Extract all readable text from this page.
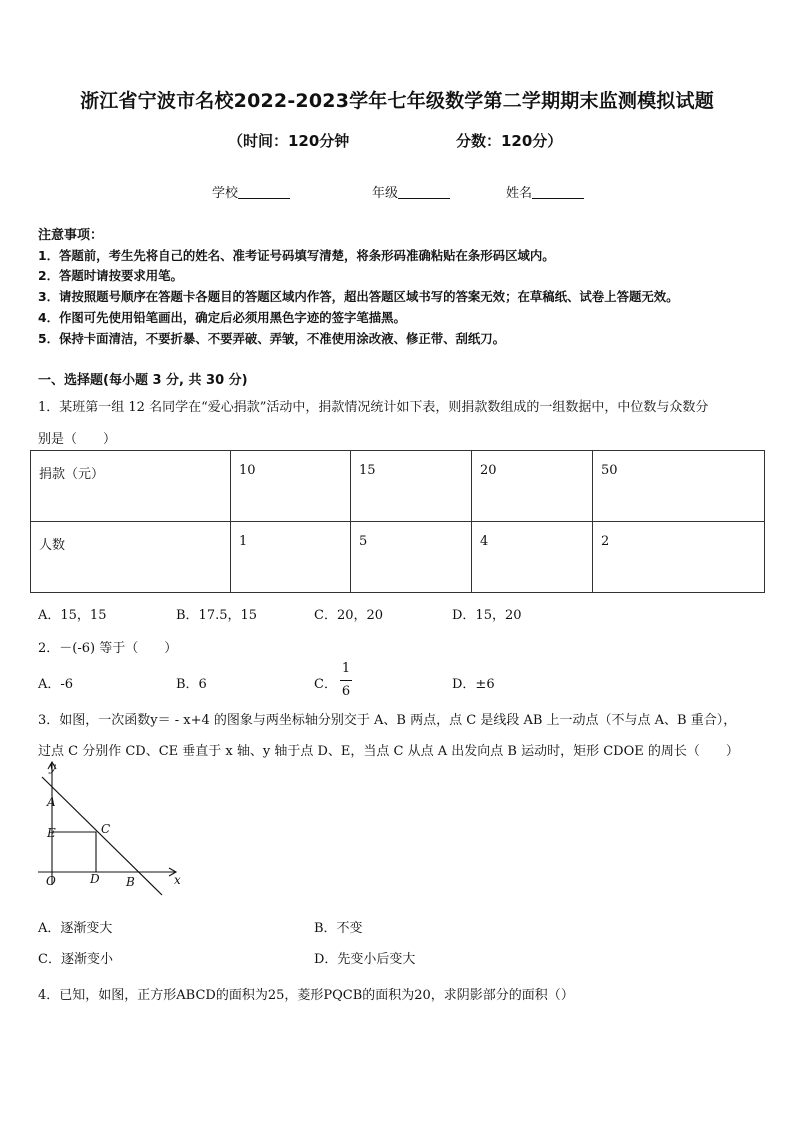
浙江省宁波市名校2022-2023学年七年级数学第二学期期末监测模拟试题
（时间：120分钟	分数：120分）
学校	年级	姓名
注意事项：
1．答题前，考生先将自己的姓名、准考证号码填写清楚，将条形码准确粘贴在条形码区域内。
2．答题时请按要求用笔。
3．请按照题号顺序在答题卡各题目的答题区域内作答，超出答题区域书写的答案无效；在草稿纸、试卷上答题无效。
4．作图可先使用铅笔画出，确定后必须用黑色字迹的签字笔描黑。
5．保持卡面清洁，不要折暴、不要弄破、弄皱，不准使用涂改液、修正带、刮纸刀。
一、选择题(每小题 3 分, 共 30 分)
1．某班第一组 12 名同学在“爱心捐款”活动中，捐款情况统计如下表，则捐款数组成的一组数据中，中位数与众数分
别是（　　）
捐款（元）	10	15	20	50
人数	1	5	4	2
A．15，15	B．17.5，15	C．20，20	D．15，20
2．－(-6) 等于（　　）
A．-6	B．6	C．
1
6	D．±6
3．如图，一次函数y＝ - x+4 的图象与两坐标轴分别交于 A、B 两点，点 C 是线段 AB 上一动点（不与点 A、B 重合），
过点 C 分别作 CD、CE 垂直于 x 轴、y 轴于点 D、E，当点 C 从点 A 出发向点 B 运动时，矩形 CDOE 的周长（　　）
y
x
A
E	C
O	D B
A．逐渐变大	B．不变
C．逐渐变小	D．先变小后变大
4．已知，如图，正方形ABCD的面积为25，菱形PQCB的面积为20，求阴影部分的面积（）
